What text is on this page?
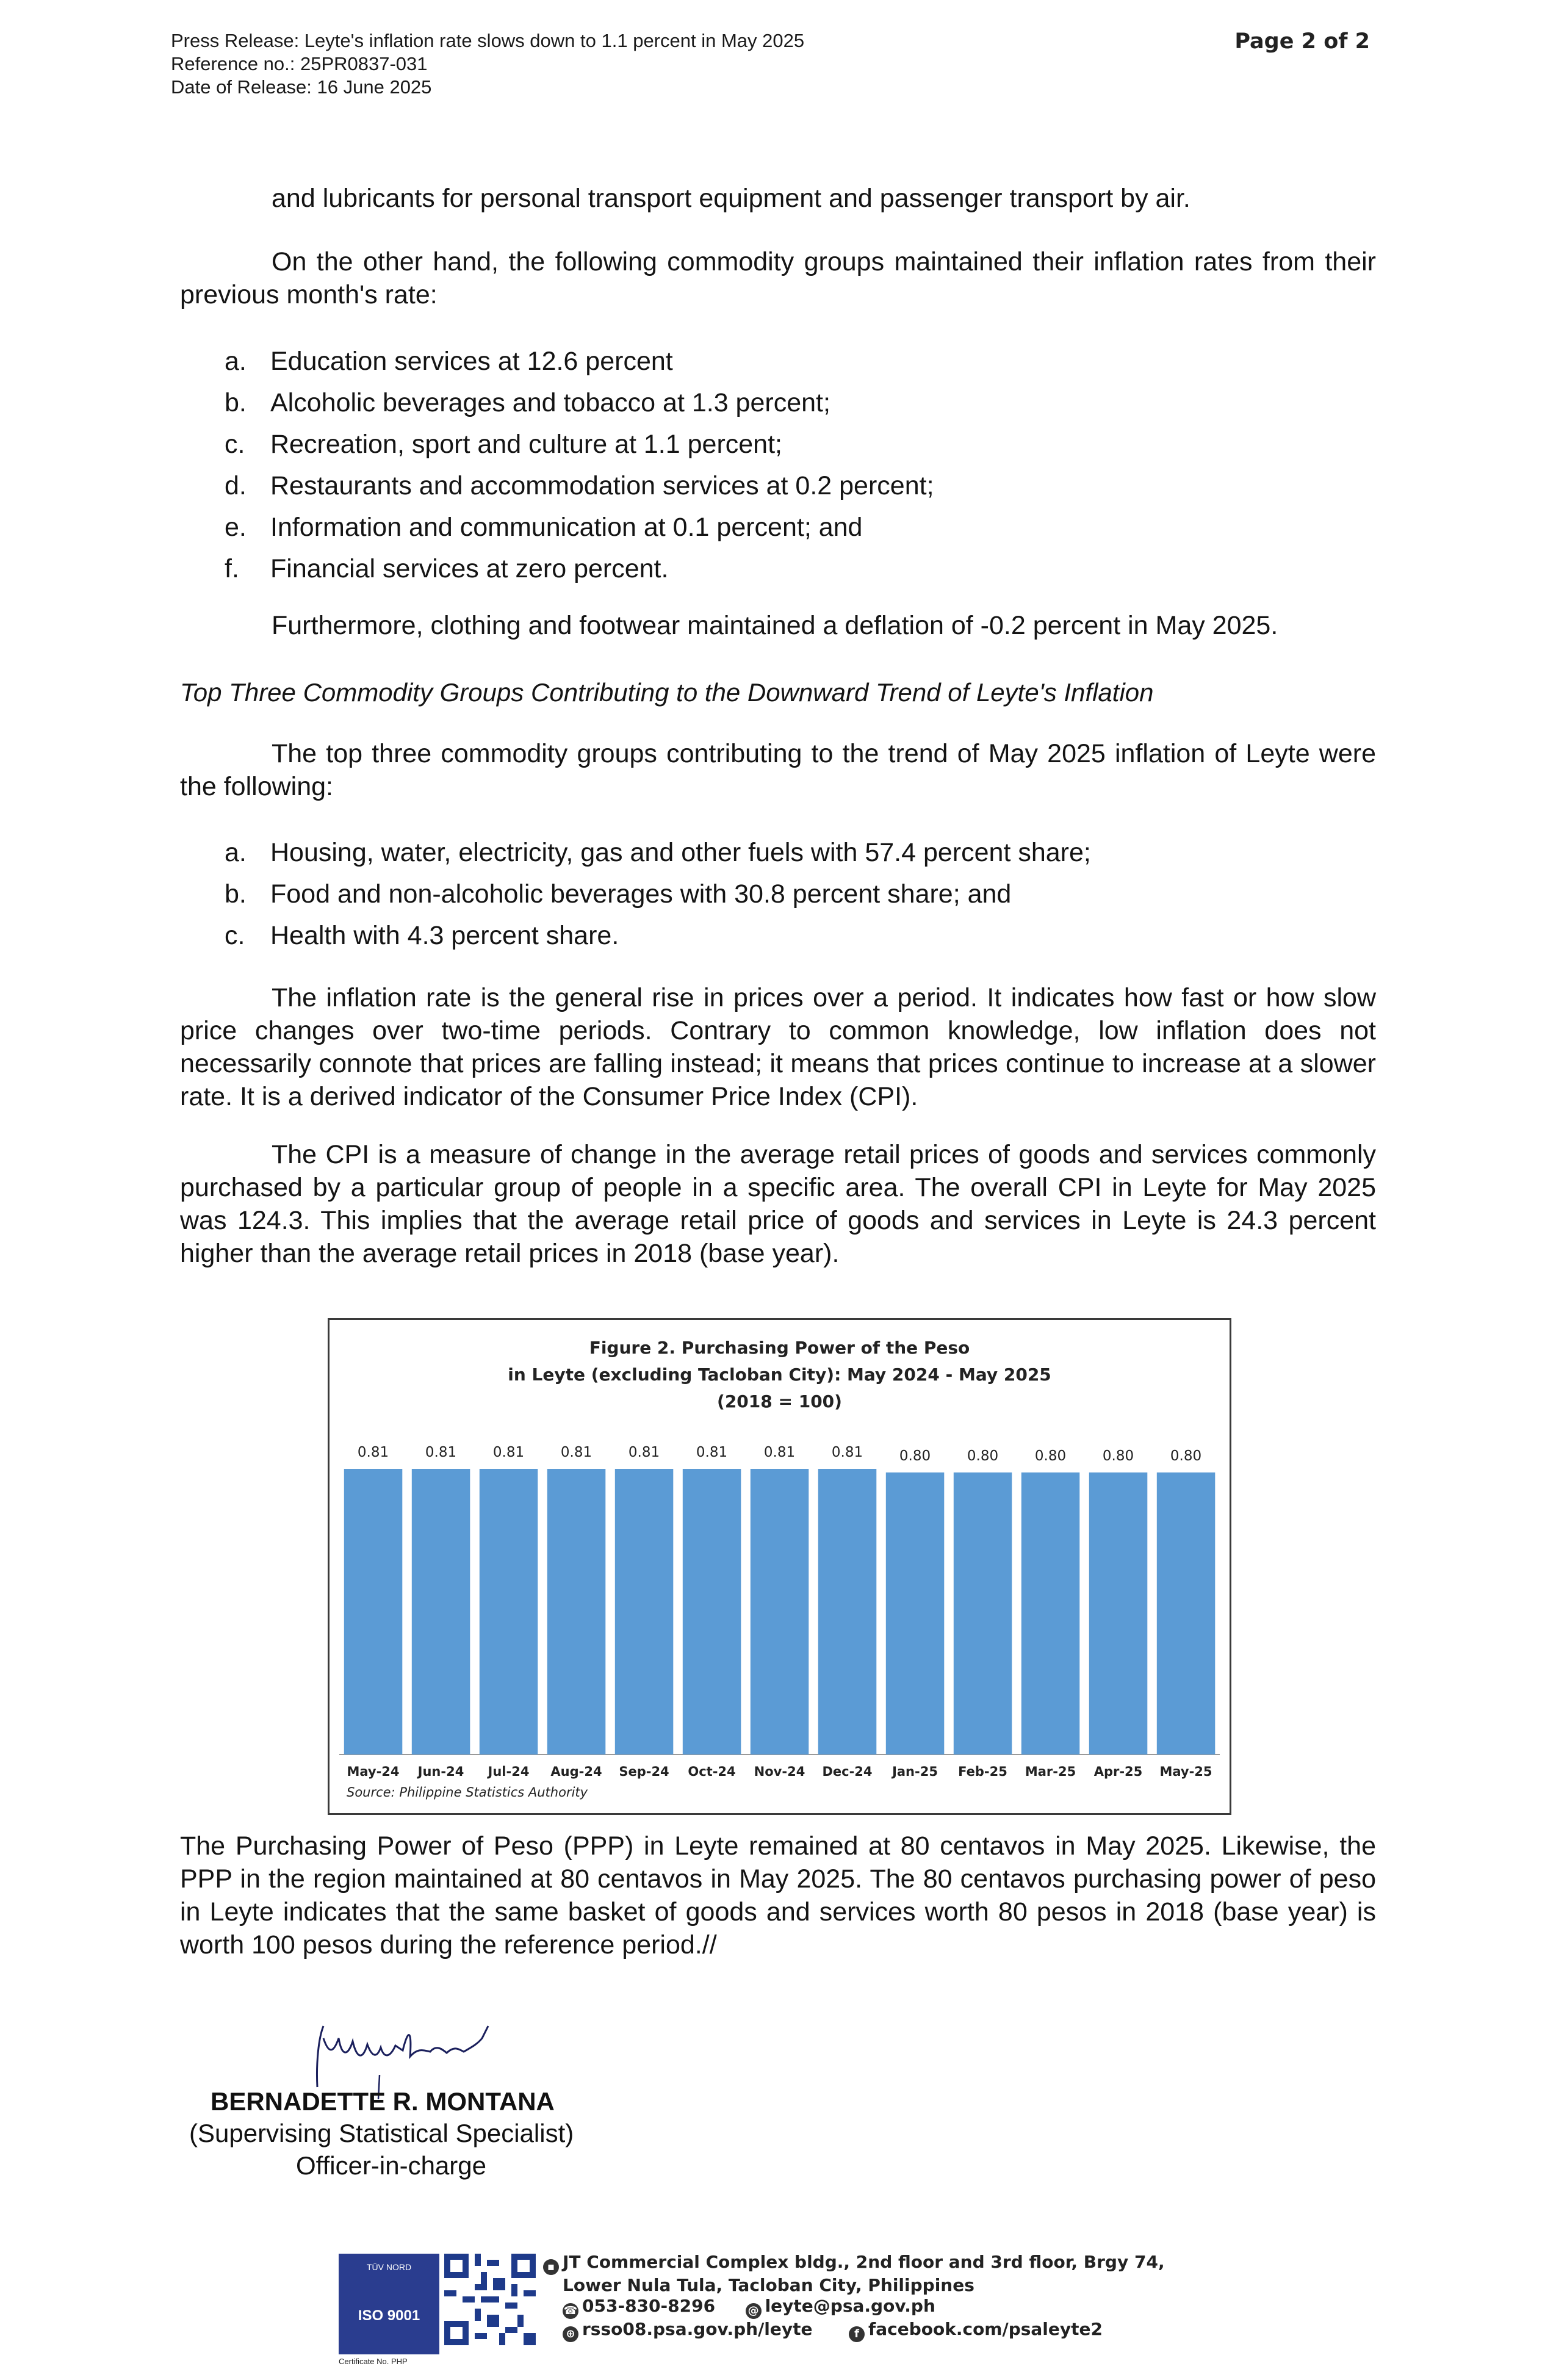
Press Release: Leyte's inflation rate slows down to 1.1 percent in May 2025
Reference no.: 25PR0837-031
Date of Release: 16 June 2025
Page 2 of 2
and lubricants for personal transport equipment and passenger transport by air.
On the other hand, the following commodity groups maintained their inflation rates from their previous month's rate:
a. Education services at 12.6 percent
b. Alcoholic beverages and tobacco at 1.3 percent;
c. Recreation, sport and culture at 1.1 percent;
d. Restaurants and accommodation services at 0.2 percent;
e. Information and communication at 0.1 percent; and
f.	Financial services at zero percent.
Furthermore, clothing and footwear maintained a deflation of -0.2 percent in May 2025.
Top Three Commodity Groups Contributing to the Downward Trend of Leyte's Inflation
The top three commodity groups contributing to the trend of May 2025 inflation of Leyte were the following:
a. Housing, water, electricity, gas and other fuels with 57.4 percent share;
b. Food and non-alcoholic beverages with 30.8 percent share; and
c. Health with 4.3 percent share.
The inflation rate is the general rise in prices over a period. It indicates how fast or how slow price changes over two-time periods. Contrary to common knowledge, low inflation does not necessarily connote that prices are falling instead; it means that prices continue to increase at a slower rate. It is a derived indicator of the Consumer Price Index (CPI).
The CPI is a measure of change in the average retail prices of goods and services commonly purchased by a particular group of people in a specific area. The overall CPI in Leyte for May 2025 was 124.3. This implies that the average retail price of goods and services in Leyte is 24.3 percent higher than the average retail prices in 2018 (base year).
Figure 2. Purchasing Power of the Peso
in Leyte (excluding Tacloban City): May 2024 - May 2025
(2018 = 100)
0.81
May-24
0.81
Jun-24
0.81
Jul-24
0.81
Aug-24
0.81
Sep-24
0.81
Oct-24
0.81
Nov-24
0.81
Dec-24
0.80
Jan-25
0.80
Feb-25
0.80
Mar-25
0.80
Apr-25
0.80
May-25
Source: Philippine Statistics Authority
The Purchasing Power of Peso (PPP) in Leyte remained at 80 centavos in May 2025. Likewise, the PPP in the region maintained at 80 centavos in May 2025. The 80 centavos purchasing power of peso in Leyte indicates that the same basket of goods and services worth 80 pesos in 2018 (base year) is worth 100 pesos during the reference period.//
BERNADETTE R. MONTANA
(Supervising Statistical Specialist)
Officer-in-charge
TÜV NORD
ISO 9001
Certificate No. PHP
▪ JT Commercial Complex bldg., 2nd floor and 3rd floor, Brgy 74,
Lower Nula Tula, Tacloban City, Philippines
☎ 053-830-8296	@ leyte@psa.gov.ph
⊕ rsso08.psa.gov.ph/leyte	f facebook.com/psaleyte2
